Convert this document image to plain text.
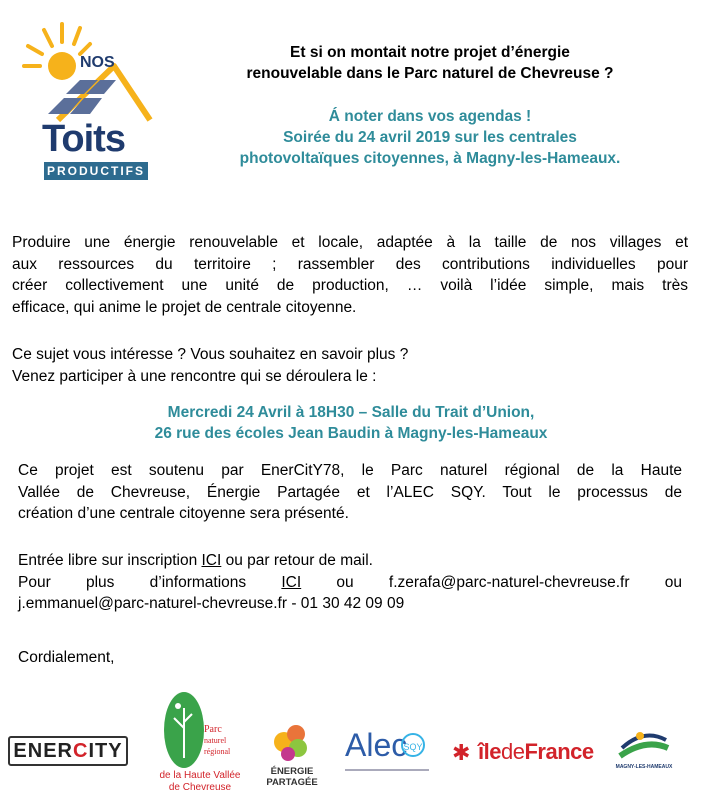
NOS
Toits
PRODUCTIFS
Et si on montait notre projet d’énergie
renouvelable dans le Parc naturel de Chevreuse ?
Á noter dans vos agendas !
Soirée du 24 avril 2019 sur les centrales
photovoltaïques citoyennes, à Magny-les-Hameaux.
Produire une énergie renouvelable et locale, adaptée à la taille de nos villages et
aux ressources du territoire ; rassembler des contributions individuelles pour
créer collectivement une unité de production, … voilà l’idée simple, mais très
efficace, qui anime le projet de centrale citoyenne.
Ce sujet vous intéresse ? Vous souhaitez en savoir plus ?
Venez participer à une rencontre qui se déroulera le :
Mercredi 24 Avril à 18H30 – Salle du Trait d’Union,
26 rue des écoles Jean Baudin à Magny-les-Hameaux
Ce projet est soutenu par EnerCitY78, le Parc naturel régional de la Haute
Vallée de Chevreuse, Énergie Partagée et l’ALEC SQY. Tout le processus de
création d’une centrale citoyenne sera présenté.
Entrée libre sur inscription ICI ou par retour de mail.
Pour plus d’informations ICI ou f.zerafa@parc-naturel-chevreuse.fr ou
j.emmanuel@parc-naturel-chevreuse.fr - 01 30 42 09 09
Cordialement,
ENER C ITY
Parc
naturel
régional
de la Haute Vallée
de Chevreuse
ÉNERGIE
PARTAGÉE
Alec
SQY ✱ îledeFrance
MAGNY-LES-HAMEAUX
